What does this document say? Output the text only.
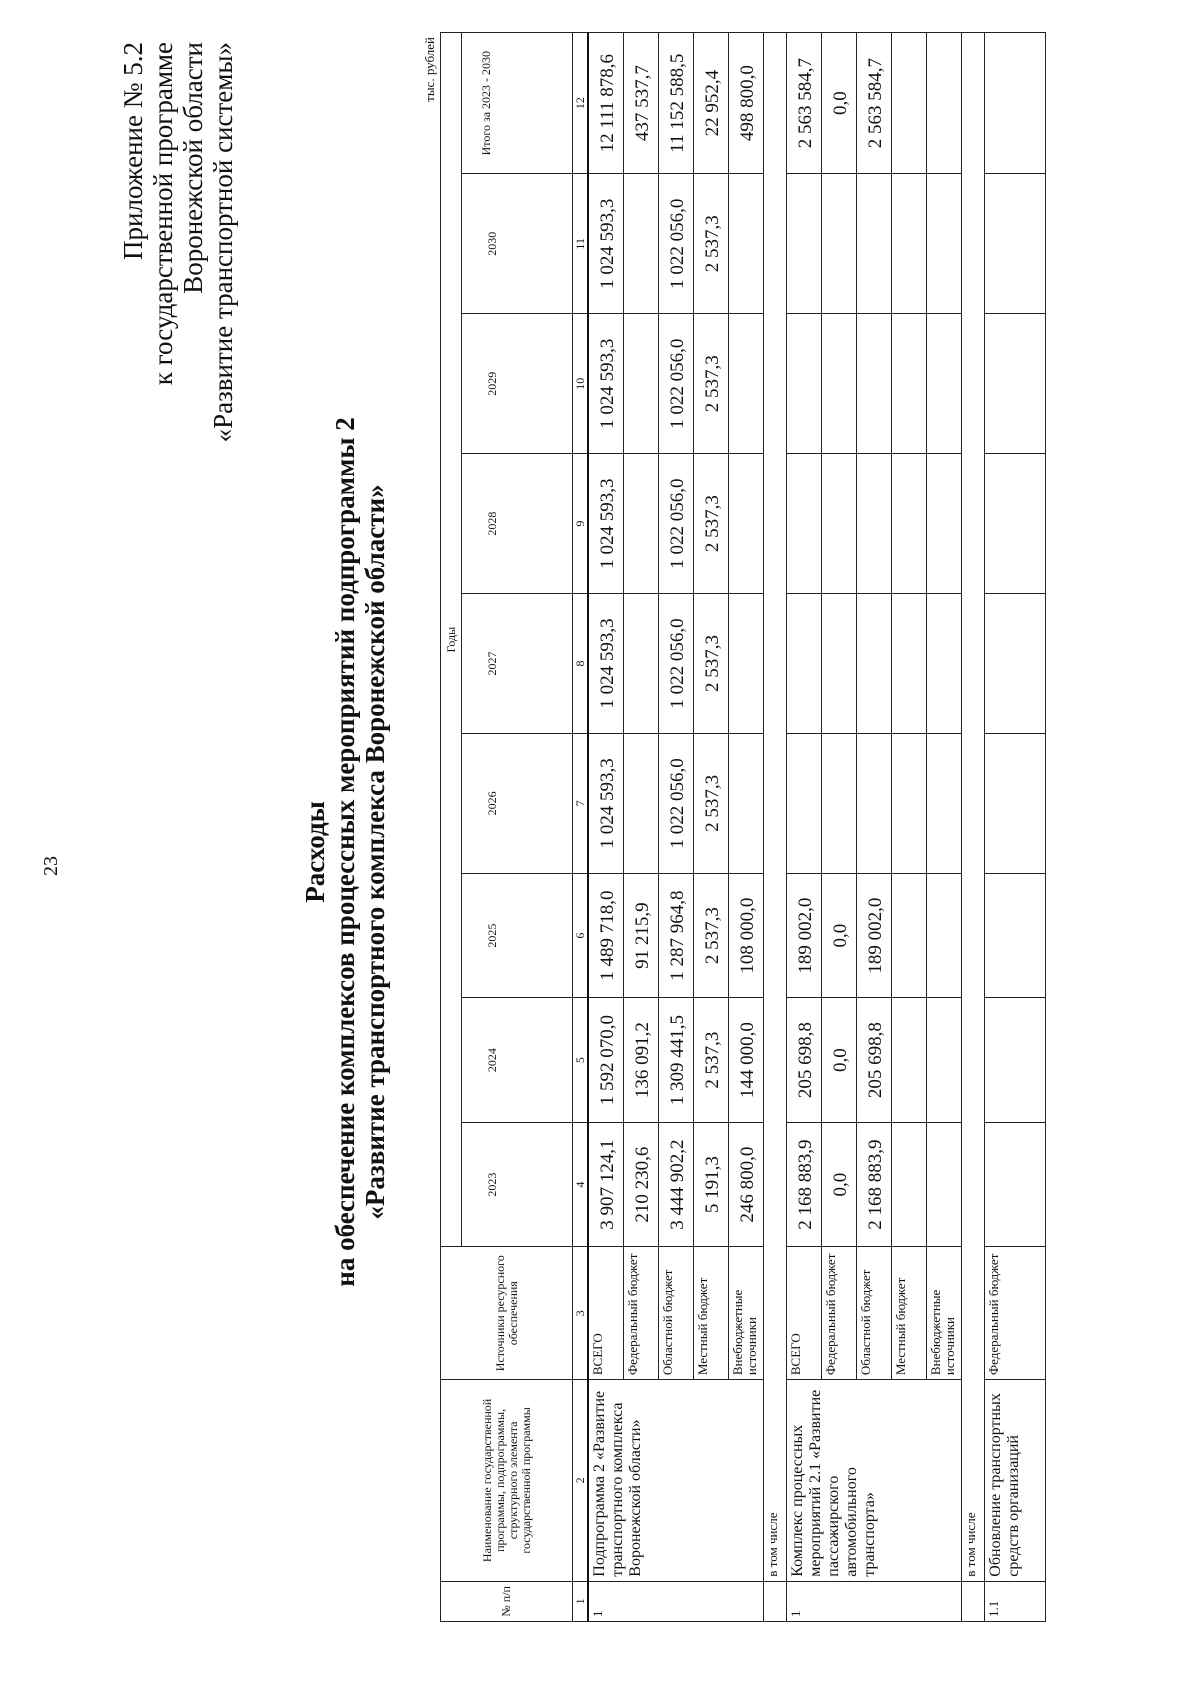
23
Приложение № 5.2 к государственной программе Воронежской области «Развитие транспортной системы»
Расходы на обеспечение комплексов процессных мероприятий подпрограммы 2 «Развитие транспортного комплекса Воронежской области»
тыс. рублей
№ п/п	Наименование государственной программы, подпрограммы, структурного элемента государственной программы	Источники ресурсного обеспечения	Годы								
			2023	2024	2025	2026	2027	2028	2029	2030	Итого за 2023 - 2030
1	2	3	4	5	6	7	8	9	10	11	12
1	Подпрограмма 2 «Развитие транспортного комплекса Воронежской области»	ВСЕГО	3 907 124,1	1 592 070,0	1 489 718,0	1 024 593,3	1 024 593,3	1 024 593,3	1 024 593,3	1 024 593,3	12 111 878,6
		Федеральный бюджет	210 230,6	136 091,2	91 215,9						437 537,7
		Областной бюджет	3 444 902,2	1 309 441,5	1 287 964,8	1 022 056,0	1 022 056,0	1 022 056,0	1 022 056,0	1 022 056,0	11 152 588,5
		Местный бюджет	5 191,3	2 537,3	2 537,3	2 537,3	2 537,3	2 537,3	2 537,3	2 537,3	22 952,4
		Внебюджетные источники	246 800,0	144 000,0	108 000,0						498 800,0
	в том числе										
1	Комплекс процессных мероприятий 2.1 «Развитие пассажирского автомобильного транспорта»	ВСЕГО	2 168 883,9	205 698,8	189 002,0						2 563 584,7
		Федеральный бюджет	0,0	0,0	0,0						0,0
		Областной бюджет	2 168 883,9	205 698,8	189 002,0						2 563 584,7
		Местный бюджет									
		Внебюджетные источники									
	в том числе										
1.1	Обновление транспортных средств организаций	Федеральный бюджет									
